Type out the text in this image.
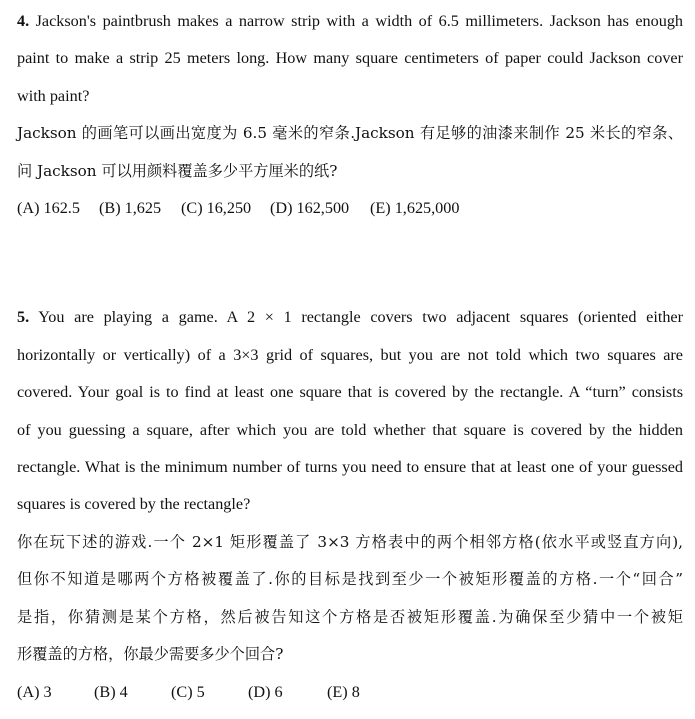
4. Jackson's paintbrush makes a narrow strip with a width of 6.5 millimeters. Jackson has enough
paint to make a strip 25 meters long. How many square centimeters of paper could Jackson cover
with paint?
Jackson 的画笔可以画出宽度为 6.5 毫米的窄条.Jackson 有足够的油漆来制作 25 米长的窄条、
问 Jackson 可以用颜料覆盖多少平方厘米的纸?
(A) 162.5 (B) 1,625 (C) 16,250 (D) 162,500 (E) 1,625,000
5. You are playing a game. A 2 × 1 rectangle covers two adjacent squares (oriented either
horizontally or vertically) of a 3×3 grid of squares, but you are not told which two squares are
covered. Your goal is to find at least one square that is covered by the rectangle. A “turn” consists
of you guessing a square, after which you are told whether that square is covered by the hidden
rectangle. What is the minimum number of turns you need to ensure that at least one of your guessed
squares is covered by the rectangle?
你在玩下述的游戏.一个 2×1 矩形覆盖了 3×3 方格表中的两个相邻方格(依水平或竖直方向),
但你不知道是哪两个方格被覆盖了.你的目标是找到至少一个被矩形覆盖的方格.一个“回合”
是指，你猜测是某个方格，然后被告知这个方格是否被矩形覆盖.为确保至少猜中一个被矩
形覆盖的方格，你最少需要多少个回合?
(A) 3	(B) 4	(C) 5	(D) 6	(E) 8
